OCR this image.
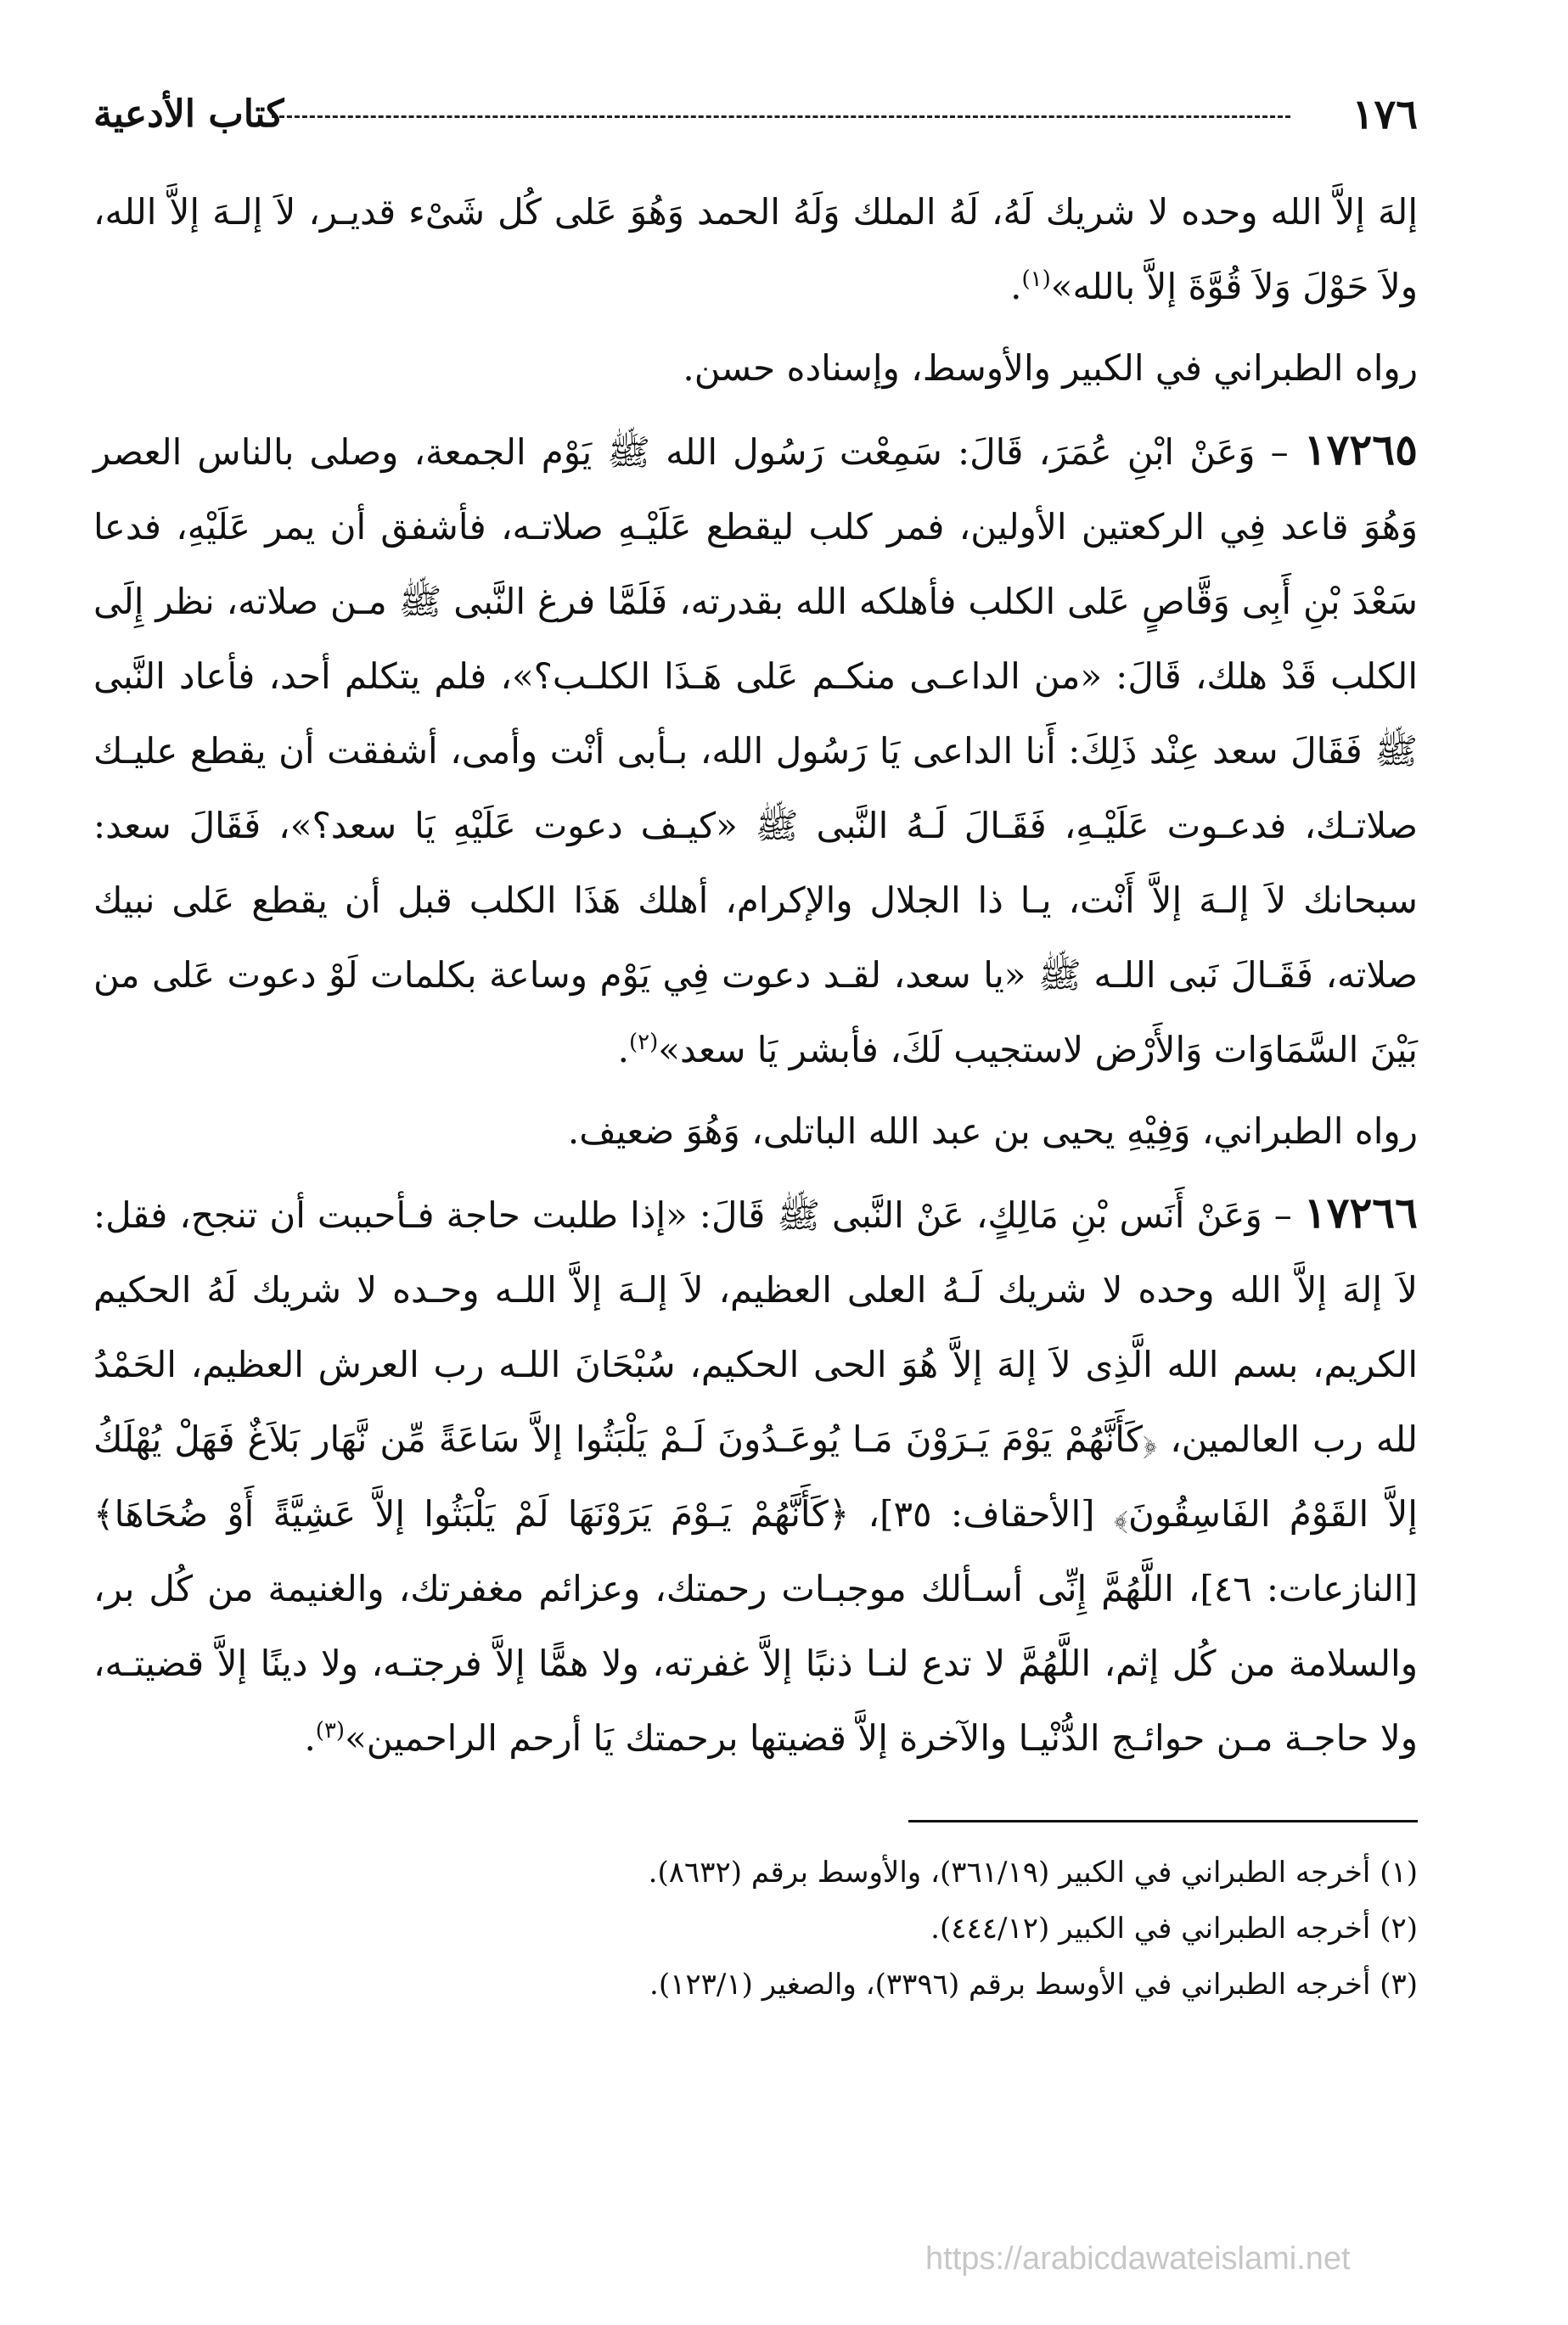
١٧٦
كتاب الأدعية

إلهَ إلاَّ الله وحده لا شريك لَهُ، لَهُ الملك وَلَهُ الحمد وَهُوَ عَلى كُل شَىْء قديـر، لاَ إلـهَ إلاَّ الله، ولاَ حَوْلَ وَلاَ قُوَّةَ إلاَّ بالله»$^{(١)}$.

رواه الطبراني في الكبير والأوسط، وإسناده حسن.

١٧٢٦٥ – وَعَنْ ابْنِ عُمَرَ، قَالَ: سَمِعْت رَسُول الله ﷺ يَوْم الجمعة، وصلى بالناس العصر وَهُوَ قاعد فِي الركعتين الأولين، فمر كلب ليقطع عَلَيْـهِ صلاتـه، فأشفق أن يمر عَلَيْهِ، فدعا سَعْدَ بْنِ أَبِى وَقَّاصٍ عَلى الكلب فأهلكه الله بقدرته، فَلَمَّا فرغ النَّبى ﷺ مـن صلاته، نظر إِلَى الكلب قَدْ هلك، قَالَ: «من الداعـى منكـم عَلى هَـذَا الكلـب؟»، فلم يتكلم أحد، فأعاد النَّبى ﷺ فَقَالَ سعد عِنْد ذَلِكَ: أَنا الداعى يَا رَسُول الله، بـأبى أنْت وأمى، أشفقت أن يقطع عليـك صلاتـك، فدعـوت عَلَيْـهِ، فَقَـالَ لَـهُ النَّبى ﷺ «كيـف دعوت عَلَيْهِ يَا سعد؟»، فَقَالَ سعد: سبحانك لاَ إلـهَ إلاَّ أَنْت، يـا ذا الجلال والإكرام، أهلك هَذَا الكلب قبل أن يقطع عَلى نبيك صلاته، فَقَـالَ نَبى اللـه ﷺ «يا سعد، لقـد دعوت فِي يَوْم وساعة بكلمات لَوْ دعوت عَلى من بَيْنَ السَّمَاوَات وَالأَرْض لاستجيب لَكَ، فأبشر يَا سعد»$^{(٢)}$.

رواه الطبراني، وَفِيْهِ يحيى بن عبد الله الباتلى، وَهُوَ ضعيف.

١٧٢٦٦ – وَعَنْ أَنَس بْنِ مَالِكٍ، عَنْ النَّبى ﷺ قَالَ: «إذا طلبت حاجة فـأحببت أن تنجح، فقل: لاَ إلهَ إلاَّ الله وحده لا شريك لَـهُ العلى العظيم، لاَ إلـهَ إلاَّ اللـه وحـده لا شريك لَهُ الحكيم الكريم، بسم الله الَّذِى لاَ إلهَ إلاَّ هُوَ الحى الحكيم، سُبْحَانَ اللـه رب العرش العظيم، الحَمْدُ لله رب العالمين، ﴿كَأَنَّهُمْ يَوْمَ يَـرَوْنَ مَـا يُوعَـدُونَ لَـمْ يَلْبَثُوا إلاَّ سَاعَةً مِّن نَّهَار بَلاَغٌ فَهَلْ يُهْلَكُ إلاَّ القَوْمُ الفَاسِقُونَ﴾ [الأحقاف: ٣٥]، ﴿كَأَنَّهُمْ يَـوْمَ يَرَوْنَهَا لَمْ يَلْبَثُوا إلاَّ عَشِيَّةً أَوْ ضُحَاهَا﴾ [النازعات: ٤٦]، اللَّهُمَّ إِنِّى أسـألك موجبـات رحمتك، وعزائم مغفرتك، والغنيمة من كُل بر، والسلامة من كُل إثم، اللَّهُمَّ لا تدع لنـا ذنبًا إلاَّ غفرته، ولا همًّا إلاَّ فرجتـه، ولا دينًا إلاَّ قضيتـه، ولا حاجـة مـن حوائـج الدُّنْيـا والآخرة إلاَّ قضيتها برحمتك يَا أرحم الراحمين»$^{(٣)}$.

(١) أخرجه الطبراني في الكبير (٣٦١/١٩)، والأوسط برقم (٨٦٣٢).

(٢) أخرجه الطبراني في الكبير (٤٤٤/١٢).

(٣) أخرجه الطبراني في الأوسط برقم (٣٣٩٦)، والصغير (١٢٣/١).

https://arabicdawateislami.net
